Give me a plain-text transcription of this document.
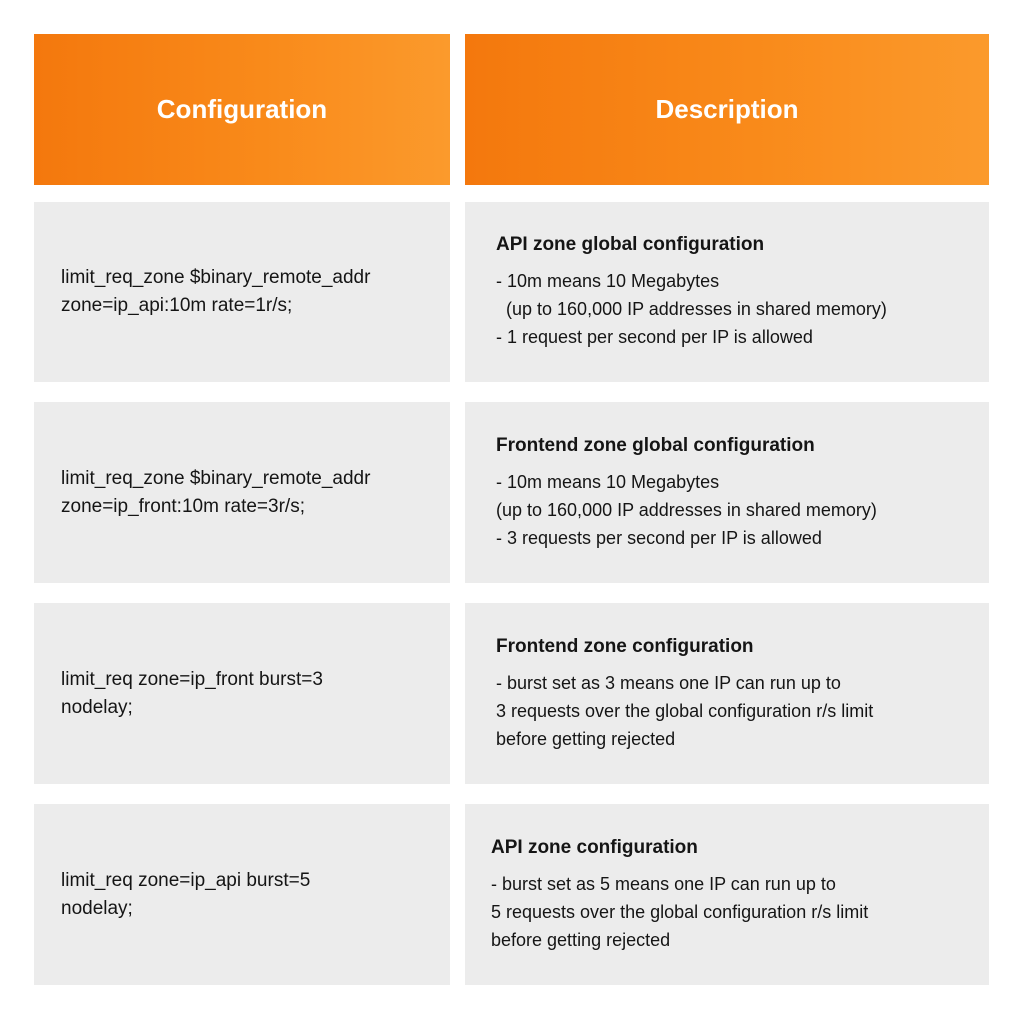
Configuration	Description
limit_req_zone $binary_remote_addr
zone=ip_api:10m rate=1r/s;
API zone global configuration
- 10m means 10 Megabytes
(up to 160,000 IP addresses in shared memory)
- 1 request per second per IP is allowed
limit_req_zone $binary_remote_addr
zone=ip_front:10m rate=3r/s;
Frontend zone global configuration
- 10m means 10 Megabytes
(up to 160,000 IP addresses in shared memory)
- 3 requests per second per IP is allowed
limit_req zone=ip_front burst=3
nodelay;
Frontend zone configuration
- burst set as 3 means one IP can run up to
3 requests over the global configuration r/s limit
before getting rejected
limit_req zone=ip_api burst=5
nodelay;
API zone configuration
- burst set as 5 means one IP can run up to
5 requests over the global configuration r/s limit
before getting rejected
